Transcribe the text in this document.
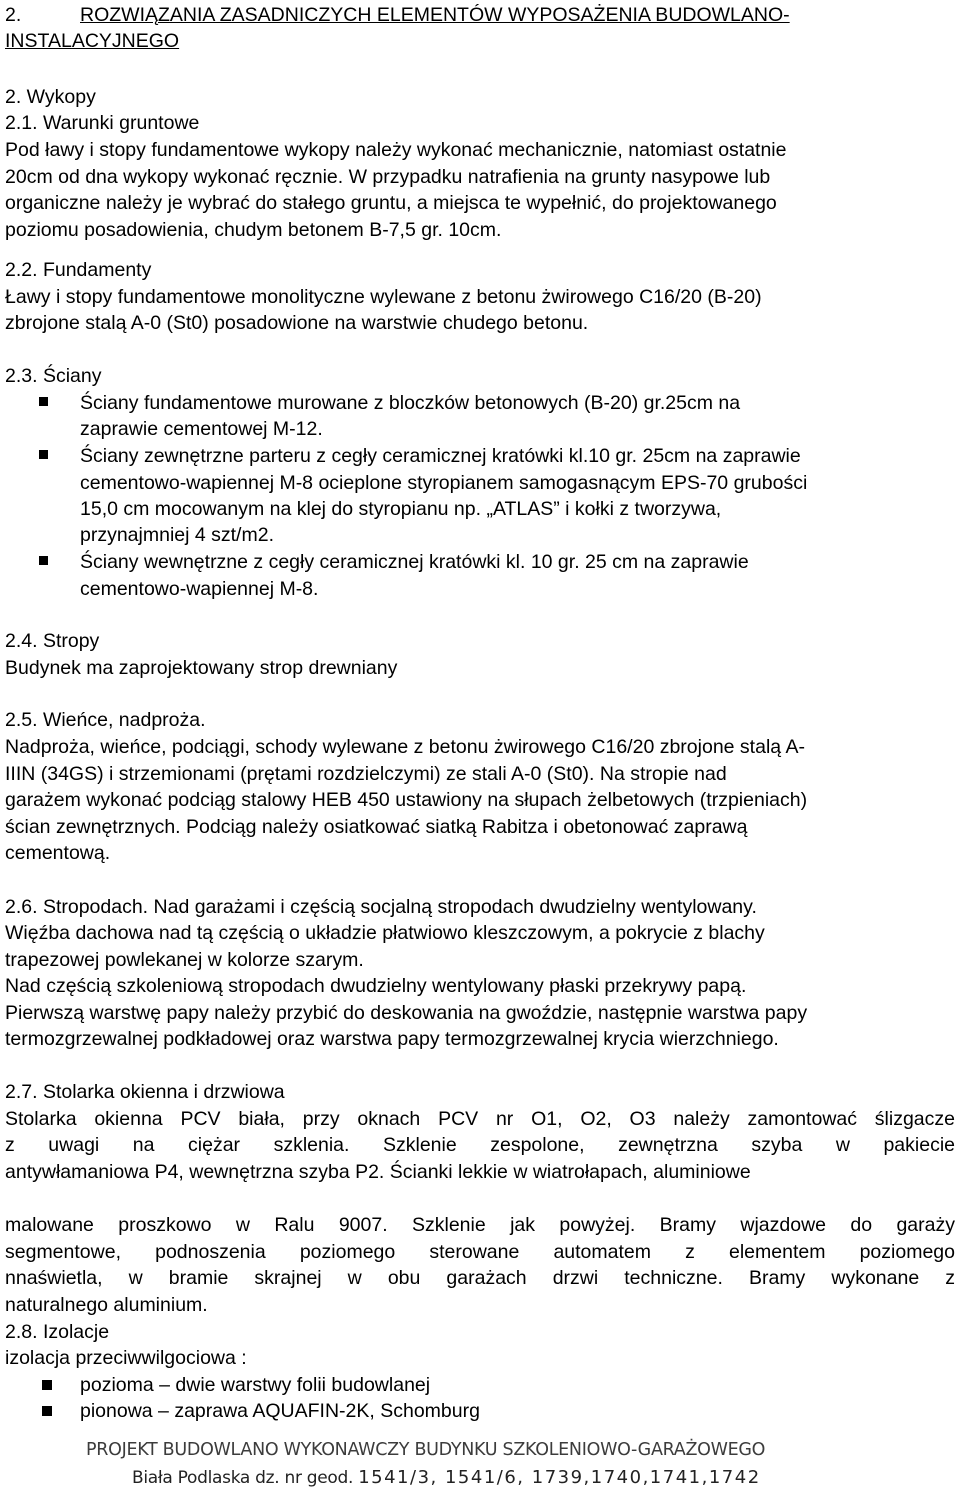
2.	ROZWIĄZANIA ZASADNICZYCH ELEMENTÓW WYPOSAŻENIA BUDOWLANO-
INSTALACYJNEGO
2. Wykopy
2.1. Warunki gruntowe
Pod ławy i stopy fundamentowe wykopy należy wykonać mechanicznie, natomiast ostatnie
20cm od dna wykopy wykonać ręcznie. W przypadku natrafienia na grunty nasypowe lub
organiczne należy je wybrać do stałego gruntu, a miejsca te wypełnić, do projektowanego
poziomu posadowienia, chudym betonem B-7,5 gr. 10cm.
2.2. Fundamenty
Ławy i stopy fundamentowe monolityczne wylewane z betonu żwirowego C16/20 (B-20)
zbrojone stalą A-0 (St0) posadowione na warstwie chudego betonu.
2.3. Ściany
Ściany fundamentowe murowane z bloczków betonowych (B-20) gr.25cm na
zaprawie cementowej M-12.
Ściany zewnętrzne parteru z cegły ceramicznej kratówki kl.10 gr. 25cm na zaprawie
cementowo-wapiennej M-8 ocieplone styropianem samogasnącym EPS-70 grubości
15,0 cm mocowanym na klej do styropianu np. „ATLAS” i kołki z tworzywa,
przynajmniej 4 szt/m2.
Ściany wewnętrzne z cegły ceramicznej kratówki kl. 10 gr. 25 cm na zaprawie
cementowo-wapiennej M-8.
2.4. Stropy
Budynek ma zaprojektowany strop drewniany
2.5. Wieńce, nadproża.
Nadproża, wieńce, podciągi, schody wylewane z betonu żwirowego C16/20 zbrojone stalą A-
IIIN (34GS) i strzemionami (prętami rozdzielczymi) ze stali A-0 (St0). Na stropie nad
garażem wykonać podciąg stalowy HEB 450 ustawiony na słupach żelbetowych (trzpieniach)
ścian zewnętrznych. Podciąg należy osiatkować siatką Rabitza i obetonować zaprawą
cementową.
2.6. Stropodach. Nad garażami i częścią socjalną stropodach dwudzielny wentylowany.
Więźba dachowa nad tą częścią o układzie płatwiowo kleszczowym, a pokrycie z blachy
trapezowej powlekanej w kolorze szarym.
Nad częścią szkoleniową stropodach dwudzielny wentylowany płaski przekrywy papą.
Pierwszą warstwę papy należy przybić do deskowania na gwoździe, następnie warstwa papy
termozgrzewalnej podkładowej oraz warstwa papy termozgrzewalnej krycia wierzchniego.
2.7. Stolarka okienna i drzwiowa
Stolarka okienna PCV biała, przy oknach PCV nr O1, O2, O3 należy zamontować ślizgacze
z uwagi na ciężar szklenia. Szklenie zespolone, zewnętrzna szyba w pakiecie
antywłamaniowa P4, wewnętrzna szyba P2. Ścianki lekkie w wiatrołapach, aluminiowe
malowane proszkowo w Ralu 9007. Szklenie jak powyżej. Bramy wjazdowe do garaży
segmentowe, podnoszenia poziomego sterowane automatem z elementem poziomego
nnaświetla, w bramie skrajnej w obu garażach drzwi techniczne. Bramy wykonane z
naturalnego aluminium.
2.8. Izolacje
izolacja przeciwwilgociowa :
pozioma – dwie warstwy folii budowlanej
pionowa – zaprawa AQUAFIN-2K, Schomburg
PROJEKT BUDOWLANO WYKONAWCZY BUDYNKU SZKOLENIOWO-GARAŻOWEGO
Biała Podlaska dz. nr geod. 1541/3, 1541/6, 1739,1740,1741,1742
